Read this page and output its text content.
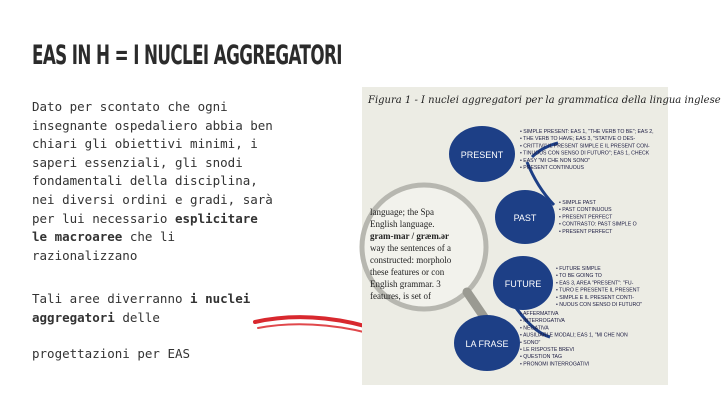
EAS IN H = I NUCLEI AGGREGATORI

Dato per scontato che ogni
insegnante ospedaliero abbia ben
chiari gli obiettivi minimi, i
saperi essenziali, gli snodi
fondamentali della disciplina,
nei diversi ordini e gradi, sarà
per lui necessario esplicitare
le macroaree che li
razionalizzano

Tali aree diverranno i nuclei
aggregatori delle

progettazioni per EAS

Figura 1 - I nuclei aggregatori per la grammatica della lingua inglese
language; the Spa
English language.
gram-mar / græm.ər
way the sentences of a
constructed: morpholo
these features or con
English grammar. 3
features, is set of
PRESENT
PAST
FUTURE
LA FRASE
• SIMPLE PRESENT: EAS 1, "THE VERB TO BE"; EAS 2,
• THE VERB TO HAVE; EAS 3, "STATIVE O DES-
• CRITTIVI" IL PRESENT SIMPLE E IL PRESENT CON-
• TINUOUS CON SENSO DI FUTURO"; EAS 1, CHECK
• EASY "MI CHE NON SONO"
• PRESENT CONTINUOUS
• SIMPLE PAST
• PAST CONTINUOUS
• PRESENT PERFECT
• CONTRASTO: PAST SIMPLE O
• PRESENT PERFECT
• FUTURE SIMPLE
• TO BE GOING TO
• EAS 3, AREA "PRESENT": "FU-
• TURO E PRESENTE IL PRESENT
• SIMPLE E IL PRESENT CONTI-
• NUOUS CON SENSO DI FUTURO"
• AFFERMATIVA
• INTERROGATIVA
• NEGATIVA
• AUSILIARI E MODALI; EAS 1, "MI CHE NON
• SONO"
• LE RISPOSTE BREVI
• QUESTION TAG
• PRONOMI INTERROGATIVI
